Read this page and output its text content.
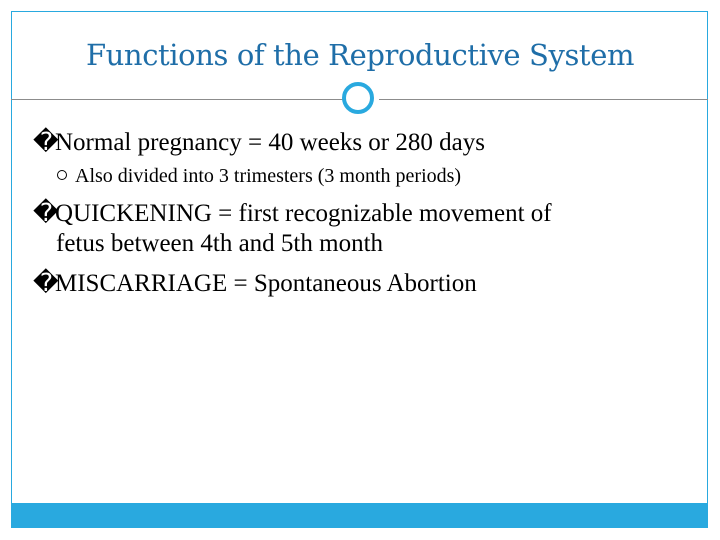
Functions of the Reproductive System
�Normal pregnancy = 40 weeks or 280 days
Also divided into 3 trimesters (3 month periods)
�QUICKENING = first recognizable movement of
fetus between 4th and 5th month
�MISCARRIAGE = Spontaneous Abortion
